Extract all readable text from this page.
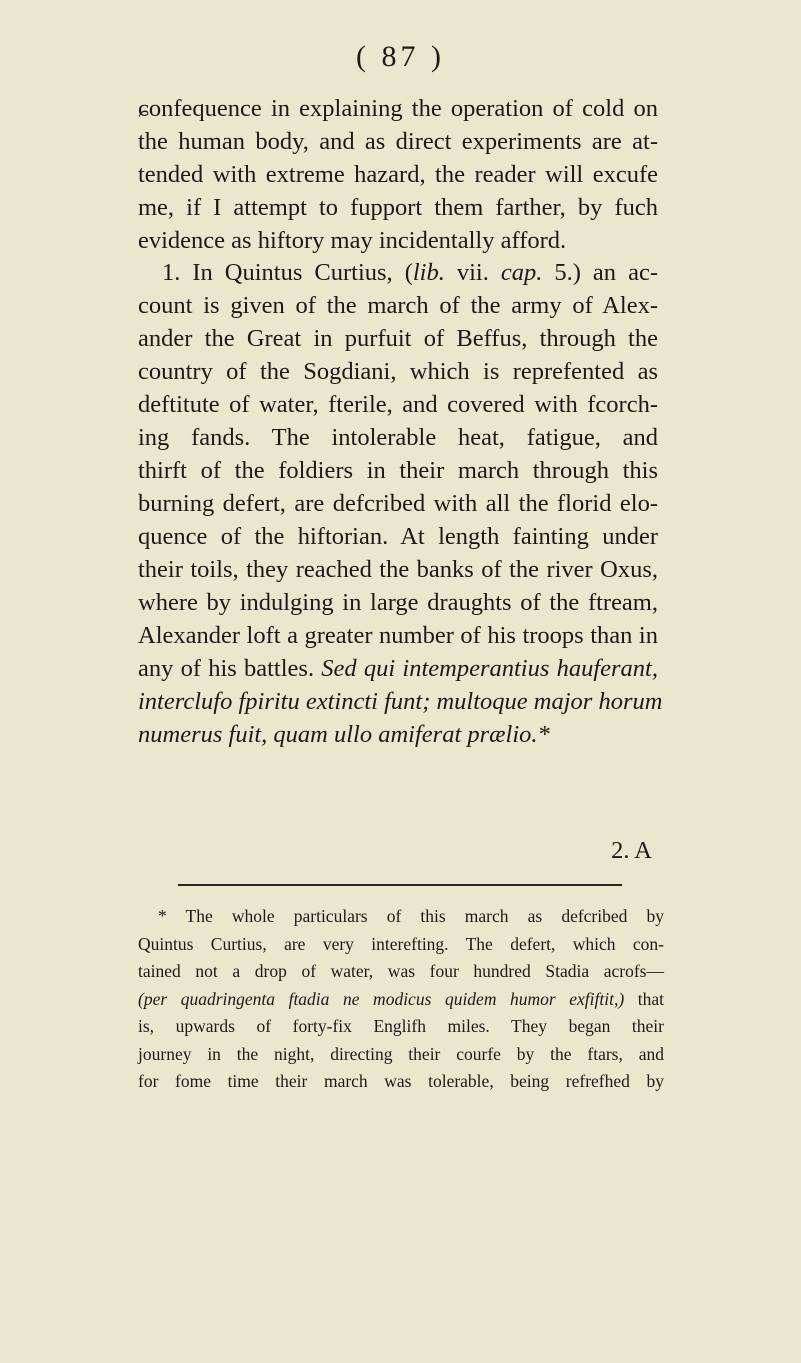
( 87 )
ɕonfequence in explaining the operation of cold on
the human body, and as direct experiments are at-
tended with extreme hazard, the reader will excufe
me, if I attempt to fupport them farther, by fuch
evidence as hiftory may incidentally afford.
1. In Quintus Curtius, (lib. vii. cap. 5.) an ac-
count is given of the march of the army of Alex-
ander the Great in purfuit of Beffus, through the
country of the Sogdiani, which is reprefented as
deftitute of water, fterile, and covered with fcorch-
ing fands. The intolerable heat, fatigue, and
thirft of the foldiers in their march through this
burning defert, are defcribed with all the florid elo-
quence of the hiftorian. At length fainting under
their toils, they reached the banks of the river Oxus,
where by indulging in large draughts of the ftream,
Alexander loft a greater number of his troops than in
any of his battles. Sed qui intemperantius hauferant,
interclufo fpiritu extincti funt; multoque major horum
numerus fuit, quam ullo amiferat prælio.*
2. A
* The whole particulars of this march as defcribed by
Quintus Curtius, are very interefting. The defert, which con-
tained not a drop of water, was four hundred Stadia acrofs—
(per quadringenta ftadia ne modicus quidem humor exfiftit,) that
is, upwards of forty-fix Englifh miles. They began their
journey in the night, directing their courfe by the ftars, and
for fome time their march was tolerable, being refrefhed by
